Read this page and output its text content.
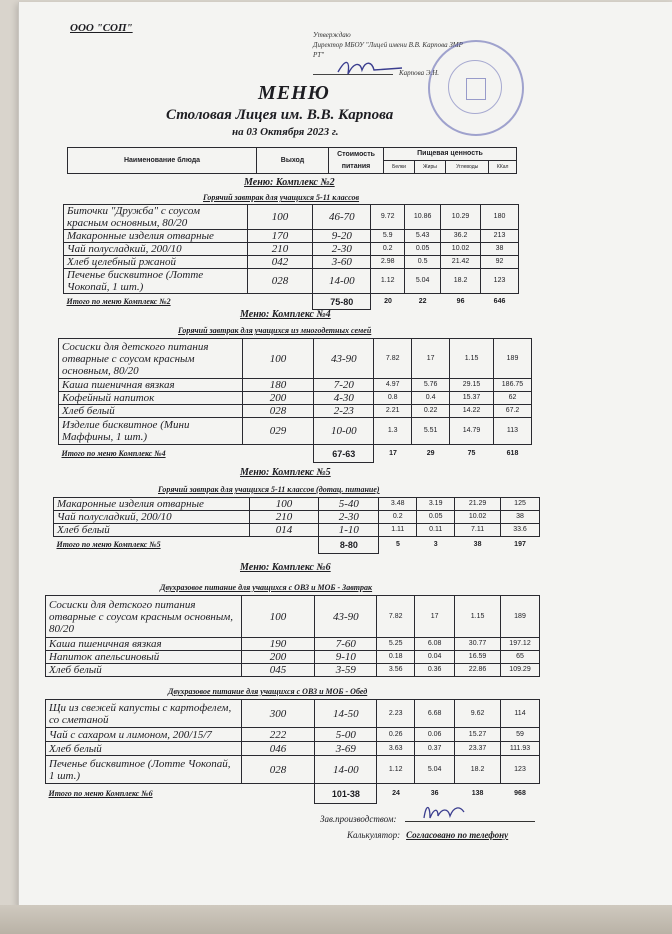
ООО "СОП"
Утверждаю
Директор МБОУ "Лицей имени В.В. Карпова ЗМР
РТ"
Карпова Э.Н.
МЕНЮ
Столовая Лицея им. В.В. Карпова
на 03 Октября 2023 г.
Наименование блюда	Выход	Стоимость питания	Пищевая ценность			
			Белки	Жиры	Углеводы	ККал
Меню: Комплекс №2
Горячий завтрак для учащихся 5-11 классов
Биточки "Дружба" с соусом красным основным, 80/20	100	46-70	9.72	10.86	10.29	180
Макаронные изделия отварные	170	9-20	5.9	5.43	36.2	213
Чай полусладкий, 200/10	210	2-30	0.2	0.05	10.02	38
Хлеб целебный ржаной	042	3-60	2.98	0.5	21.42	92
Печенье бисквитное (Лотте Чокопай, 1 шт.)	028	14-00	1.12	5.04	18.2	123
Итого по меню Комплекс №2		75-80	20	22	96	646
Меню: Комплекс №4
Горячий завтрак для учащихся из многодетных семей
Сосиски для детского питания отварные с соусом красным основным, 80/20	100	43-90	7.82	17	1.15	189
Каша пшеничная вязкая	180	7-20	4.97	5.76	29.15	186.75
Кофейный напиток	200	4-30	0.8	0.4	15.37	62
Хлеб белый	028	2-23	2.21	0.22	14.22	67.2
Изделие бисквитное (Мини Маффины, 1 шт.)	029	10-00	1.3	5.51	14.79	113
Итого по меню Комплекс №4		67-63	17	29	75	618
Меню: Комплекс №5
Горячий завтрак для учащихся 5-11 классов (дотац. питание)
Макаронные изделия отварные	100	5-40	3.48	3.19	21.29	125
Чай полусладкий, 200/10	210	2-30	0.2	0.05	10.02	38
Хлеб белый	014	1-10	1.11	0.11	7.11	33.6
Итого по меню Комплекс №5		8-80	5	3	38	197
Меню: Комплекс №6
Двухразовое питание для учащихся с ОВЗ и МОБ - Завтрак
Сосиски для детского питания отварные с соусом красным основным, 80/20	100	43-90	7.82	17	1.15	189
Каша пшеничная вязкая	190	7-60	5.25	6.08	30.77	197.12
Напиток апельсиновый	200	9-10	0.18	0.04	16.59	65
Хлеб белый	045	3-59	3.56	0.36	22.86	109.29
Двухразовое питание для учащихся с ОВЗ и МОБ - Обед
Щи из свежей капусты с картофелем, со сметаной	300	14-50	2.23	6.68	9.62	114
Чай с сахаром и лимоном, 200/15/7	222	5-00	0.26	0.06	15.27	59
Хлеб белый	046	3-69	3.63	0.37	23.37	111.93
Печенье бисквитное (Лотте Чокопай, 1 шт.)	028	14-00	1.12	5.04	18.2	123
Итого по меню Комплекс №6		101-38	24	36	138	968
Зав.производством:
Калькулятор: Согласовано по телефону
